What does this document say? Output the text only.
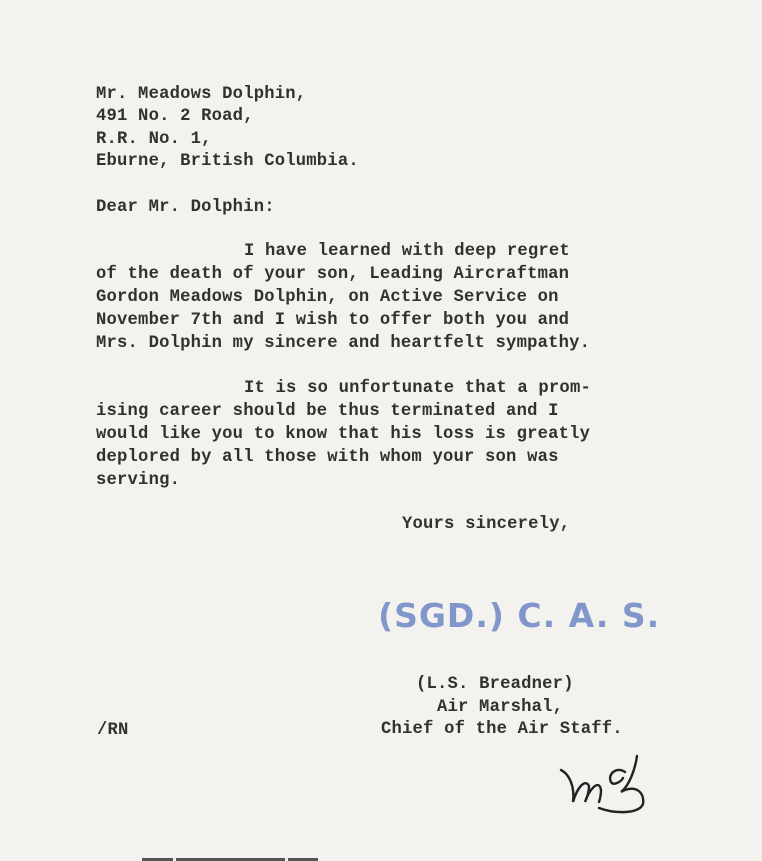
Mr. Meadows Dolphin,
491 No. 2 Road,
R.R. No. 1,
Eburne, British Columbia.
Dear Mr. Dolphin:
I have learned with deep regret
of the death of your son, Leading Aircraftman
Gordon Meadows Dolphin, on Active Service on
November 7th and I wish to offer both you and
Mrs. Dolphin my sincere and heartfelt sympathy.
It is so unfortunate that a prom-
ising career should be thus terminated and I
would like you to know that his loss is greatly
deplored by all those with whom your son was
serving.
Yours sincerely,
(SGD.) C. A. S.
(L.S. Breadner)
Air Marshal,
Chief of the Air Staff.
/RN
